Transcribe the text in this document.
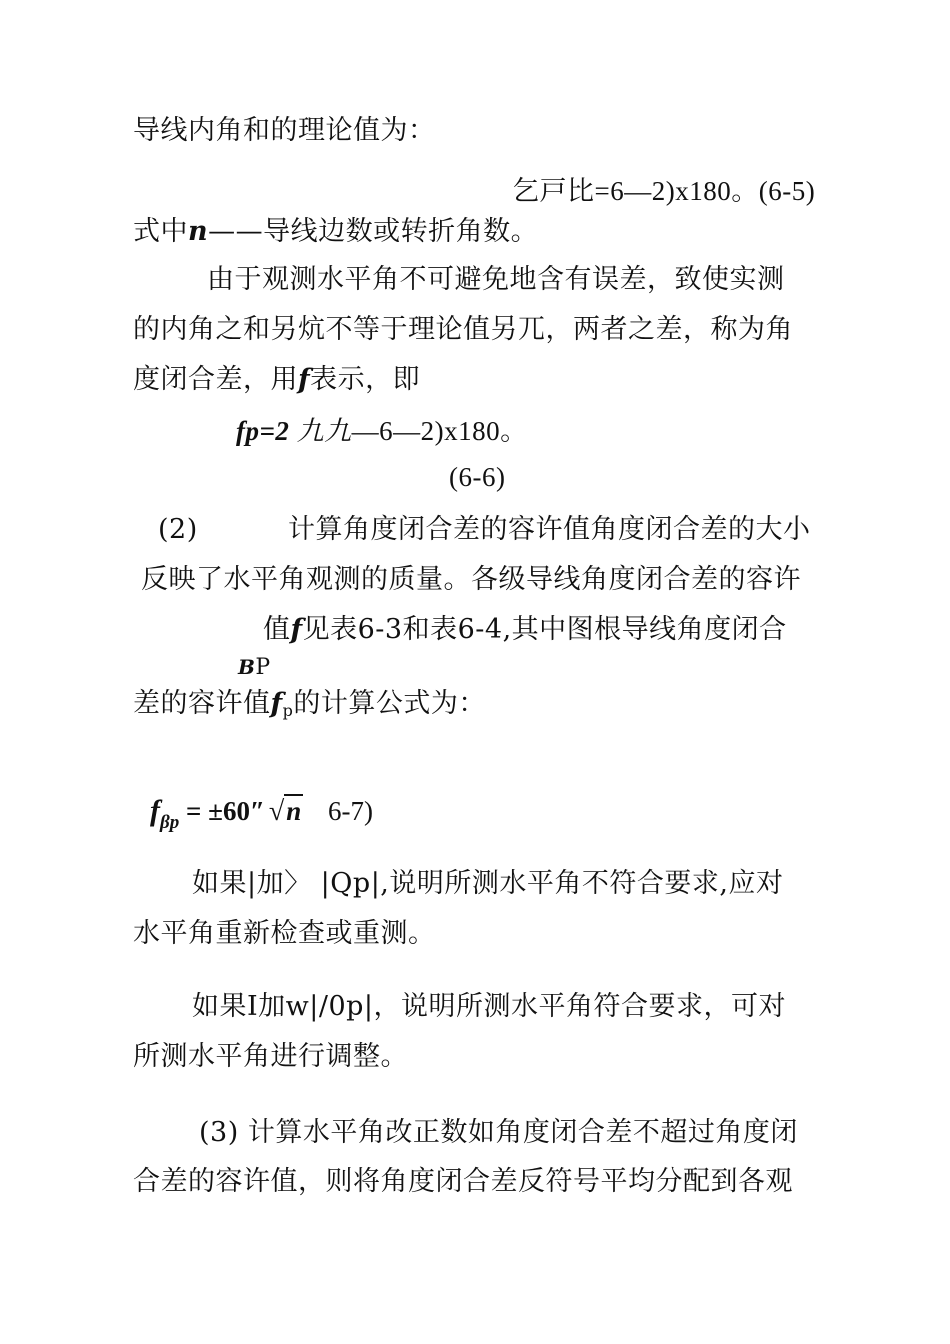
导线内角和的理论值为：
乞戸比=6—2)x180。(6-5)
式中n——导线边数或转折角数。
由于观测水平角不可避免地含有误差，致使实测
的内角之和另炕不等于理论值另兀，两者之差，称为角
度闭合差，用f表示，即
fp=2 九九—6—2)x180。
(6-6)
(2)	计算角度闭合差的容许值角度闭合差的大小
反映了水平角观测的质量。各级导线角度闭合差的容许
值f见表6-3和表6-4,其中图根导线角度闭合
BP
差的容许值$f_p$的计算公式为：
$f_{\beta p} = \pm 60''$ √n 6-7)
如果|加〉 |Qp|,说明所测水平角不符合要求,应对
水平角重新检查或重测。
如果I加w|/0p|，说明所测水平角符合要求，可对
所测水平角进行调整。
(3) 计算水平角改正数如角度闭合差不超过角度闭
合差的容许值，则将角度闭合差反符号平均分配到各观
